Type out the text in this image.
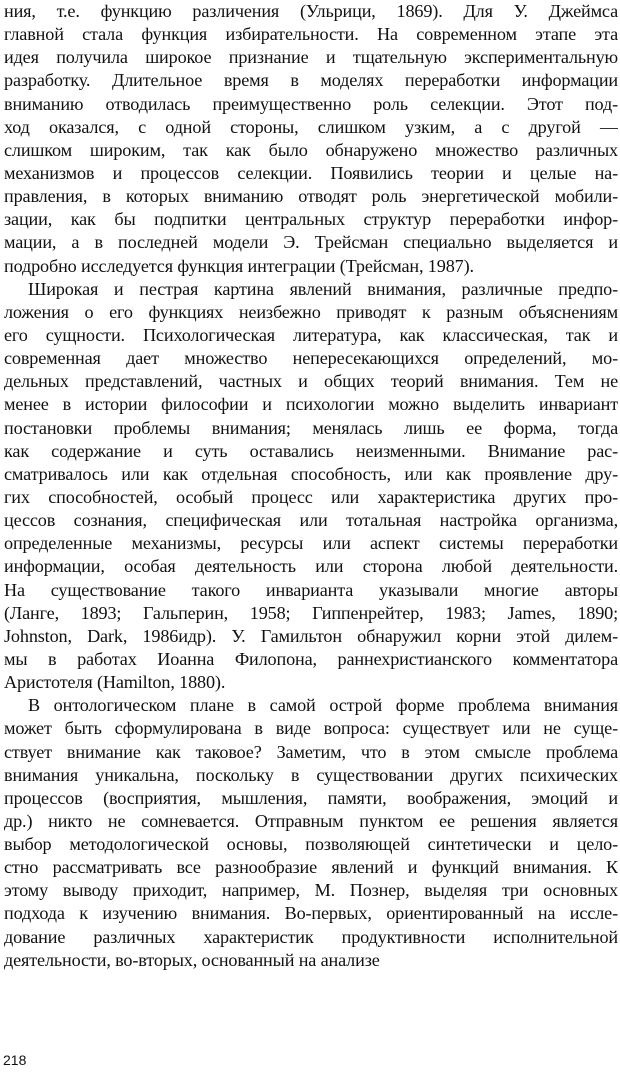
ния, т.е. функцию различения (Ульрици, 1869). Для У. Джеймса
главной стала функция избирательности. На современном этапе эта
идея получила широкое признание и тщательную экспериментальную
разработку. Длительное время в моделях переработки информации
вниманию отводилась преимущественно роль селекции. Этот под-
ход оказался, с одной стороны, слишком узким, а с другой —
слишком широким, так как было обнаружено множество различных
механизмов и процессов селекции. Появились теории и целые на-
правления, в которых вниманию отводят роль энергетической мобили-
зации, как бы подпитки центральных структур переработки инфор-
мации, а в последней модели Э. Трейсман специально выделяется и
подробно исследуется функция интеграции (Трейсман, 1987).
Широкая и пестрая картина явлений внимания, различные предпо-
ложения о его функциях неизбежно приводят к разным объяснениям
его сущности. Психологическая литература, как классическая, так и
современная дает множество непересекающихся определений, мо-
дельных представлений, частных и общих теорий внимания. Тем не
менее в истории философии и психологии можно выделить инвариант
постановки проблемы внимания; менялась лишь ее форма, тогда
как содержание и суть оставались неизменными. Внимание рас-
сматривалось или как отдельная способность, или как проявление дру-
гих способностей, особый процесс или характеристика других про-
цессов сознания, специфическая или тотальная настройка организма,
определенные механизмы, ресурсы или аспект системы переработки
информации, особая деятельность или сторона любой деятельности.
На существование такого инварианта указывали многие авторы
(Ланге, 1893; Гальперин, 1958; Гиппенрейтер, 1983; James, 1890;
Johnston, Dark, 1986идр). У. Гамильтон обнаружил корни этой дилем-
мы в работах Иоанна Филопона, раннехристианского комментатора
Аристотеля (Hamilton, 1880).
В онтологическом плане в самой острой форме проблема внимания
может быть сформулирована в виде вопроса: существует или не суще-
ствует внимание как таковое? Заметим, что в этом смысле проблема
внимания уникальна, поскольку в существовании других психических
процессов (восприятия, мышления, памяти, воображения, эмоций и
др.) никто не сомневается. Отправным пунктом ее решения является
выбор методологической основы, позволяющей синтетически и цело-
стно рассматривать все разнообразие явлений и функций внимания. К
этому выводу приходит, например, М. Познер, выделяя три основных
подхода к изучению внимания. Во-первых, ориентированный на иссле-
дование различных характеристик продуктивности исполнительной
деятельности, во-вторых, основанный на анализе
218
